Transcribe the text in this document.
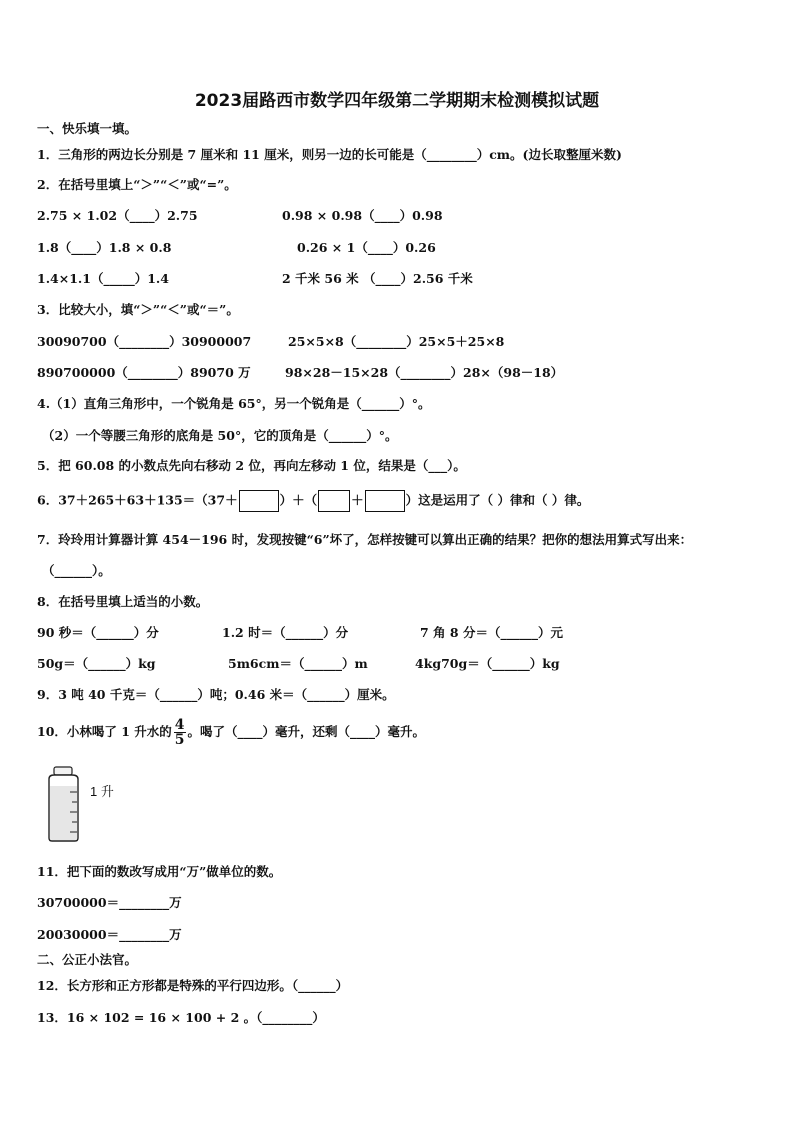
2023届路西市数学四年级第二学期期末检测模拟试题
一、快乐填一填。
1．三角形的两边长分别是 7 厘米和 11 厘米，则另一边的长可能是（________）cm。(边长取整厘米数)
2．在括号里填上“＞”“＜”或“=”。
2.75 × 1.02（____）2.75	0.98 × 0.98（____）0.98
1.8（____）1.8 × 0.8	0.26 × 1（____）0.26
1.4×1.1（_____）1.4	2 千米 56 米 （____）2.56 千米
3．比较大小，填“＞”“＜”或“＝”。
30090700（________）30900007	25×5×8（________）25×5＋25×8
890700000（________）89070 万	98×28－15×28（________）28×（98－18）
4.（1）直角三角形中，一个锐角是 65°，另一个锐角是（______）°。
（2）一个等腰三角形的底角是 50°，它的顶角是（______）°。
5．把 60.08 的小数点先向右移动 2 位，再向左移动 1 位，结果是（___）。
6．37＋265＋63＋135＝（37＋	）＋（	＋	）这是运用了（ ）律和（ ）律。
7．玲玲用计算器计算 454－196 时，发现按键“6”坏了，怎样按键可以算出正确的结果？把你的想法用算式写出来：
（______）。
8．在括号里填上适当的小数。
90 秒＝（______）分	1.2 时＝（______）分	7 角 8 分＝（______）元
50g＝（______）kg	5m6cm＝（______）m	4kg70g＝（______）kg
9．3 吨 40 千克＝（______）吨；0.46 米＝（______）厘米。
10．小林喝了 1 升水的 $\frac{4}{5}$ 。喝了（____）毫升，还剩（____）毫升。
1 升
11．把下面的数改写成用“万”做单位的数。
30700000＝________万
20030000＝________万
二、公正小法官。
12．长方形和正方形都是特殊的平行四边形。（______）
13．16 × 102 = 16 × 100 + 2 。（________）
